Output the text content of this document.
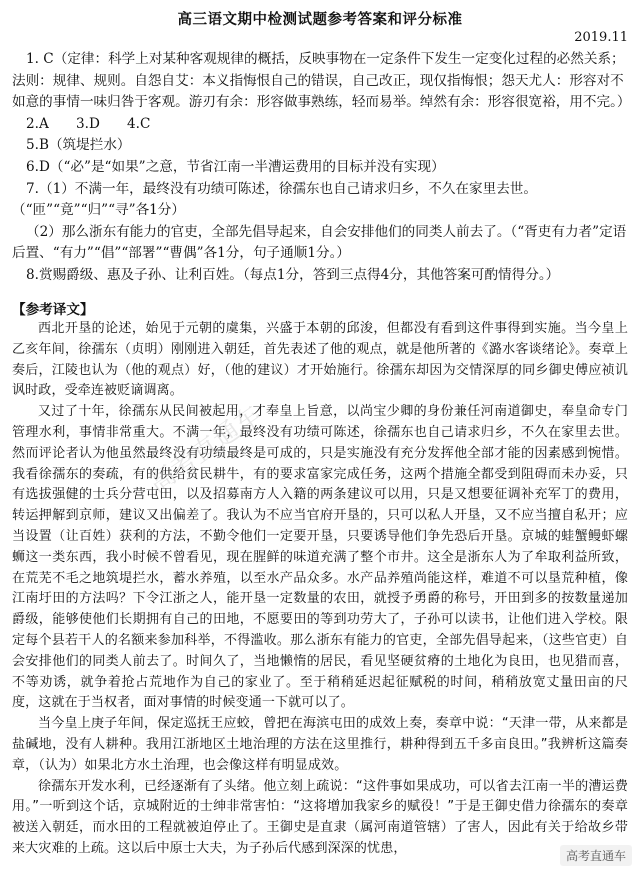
高三语文期中检测试题参考答案和评分标准
2019.11

1. C（定律：科学上对某种客观规律的概括，反映事物在一定条件下发生一定变化过程的必然关系；法则：规律、规则。自怨自艾：本义指悔恨自己的错误，自己改正，现仅指悔恨；怨天尤人：形容对不如意的事情一味归咎于客观。游刃有余：形容做事熟练，轻而易举。绰然有余：形容很宽裕，用不完。）

2.A　　3.D　　4.C

5.B（筑堤拦水）

6.D（“必”是“如果”之意，节省江南一半漕运费用的目标并没有实现）

7.（1）不满一年，最终没有功绩可陈述，徐孺东也自己请求归乡，不久在家里去世。（“匝”“竟”“归”“寻”各1分）

（2）那么浙东有能力的官吏，全部先倡导起来，自会安排他们的同类人前去了。（“胥吏有力者”定语后置、“有力”“倡”“部署”“曹偶”各1分，句子通顺1分。）

8.赏赐爵级、惠及子孙、让利百姓。（每点1分，答到三点得4分，其他答案可酌情得分。）

【参考译文】

西北开垦的论述，始见于元朝的虞集，兴盛于本朝的邱浚，但都没有看到这件事得到实施。当今皇上乙亥年间，徐孺东（贞明）刚刚进入朝廷，首先表述了他的观点，就是他所著的《潞水客谈绪论》。奏章上奏后，江陵也认为（他的观点）好，（他的建议）才开始施行。徐孺东却因为交情深厚的同乡御史傅应祯讥讽时政，受牵连被贬谪调离。

又过了十年，徐孺东从民间被起用，才奉皇上旨意，以尚宝少卿的身份兼任河南道御史，奉皇命专门管理水利，事情非常重大。不满一年，最终没有功绩可陈述，徐孺东也自己请求归乡，不久在家里去世。然而评论者认为他虽然最终没有功绩最终是可成的，只是实施没有充分发挥他全部才能的因素感到惋惜。我看徐孺东的奏疏，有的供给贫民耕牛，有的要求富家完成任务，这两个措施全都受到阻碍而未办妥，只有选拔强健的士兵分营屯田，以及招募南方人入籍的两条建议可以用，只是又想要征调补充军丁的费用，转运押解到京师，建议又出偏差了。我认为不应当官府开垦的，只可以私人开垦，又不应当擅自私开；应当设置（让百姓）获利的方法，不勤令他们一定要开垦，只要诱导他们争先恐后开垦。京城的蛙蟹鳗虾螺蛳这一类东西，我小时候不曾看见，现在腥鲜的味道充满了整个市井。这全是浙东人为了牟取利益所致，在荒芜不毛之地筑堤拦水，蓄水养殖，以至水产品众多。水产品养殖尚能这样，难道不可以垦荒种植，像江南圩田的方法吗？下令江浙之人，能开垦一定数量的农田，就授予勇爵的称号，开田到多的按数量递加爵级，能够使他们长期拥有自己的田地，不愿要田的等到功劳大了，子孙可以读书，让他们进入学校。限定每个县若干人的名额来参加科举，不得滥收。那么浙东有能力的官吏，全部先倡导起来，（这些官吏）自会安排他们的同类人前去了。时间久了，当地懒惰的居民，看见坚硬贫瘠的土地化为良田，也见猎而喜，不等劝诱，就争着抢占荒地作为自己的家业了。至于稍稍延迟起征赋税的时间，稍稍放宽丈量田亩的尺度，这就在于当权者，面对事情的时候变通一下就可以了。

当今皇上庚子年间，保定巡抚王应蛟，曾把在海滨屯田的成效上奏，奏章中说：“天津一带，从来都是盐碱地，没有人耕种。我用江浙地区土地治理的方法在这里推行，耕种得到五千多亩良田。”我辨析这篇奏章，（认为）如果北方水土治理，也会像这样有明显成效。

徐孺东开发水利，已经逐渐有了头绪。他立刻上疏说：“这件事如果成功，可以省去江南一半的漕运费用。”一听到这个话，京城附近的士绅非常害怕：“这将增加我家乡的赋役！”于是王御史借力徐孺东的奏章被送入朝廷，而水田的工程就被迫停止了。王御史是直隶（属河南道管辖）了害人，因此有关于给故乡带来大灾难的上疏。这以后中原士大夫，为子孙后代感到深深的忧患，

高考直通车
高考直通车
